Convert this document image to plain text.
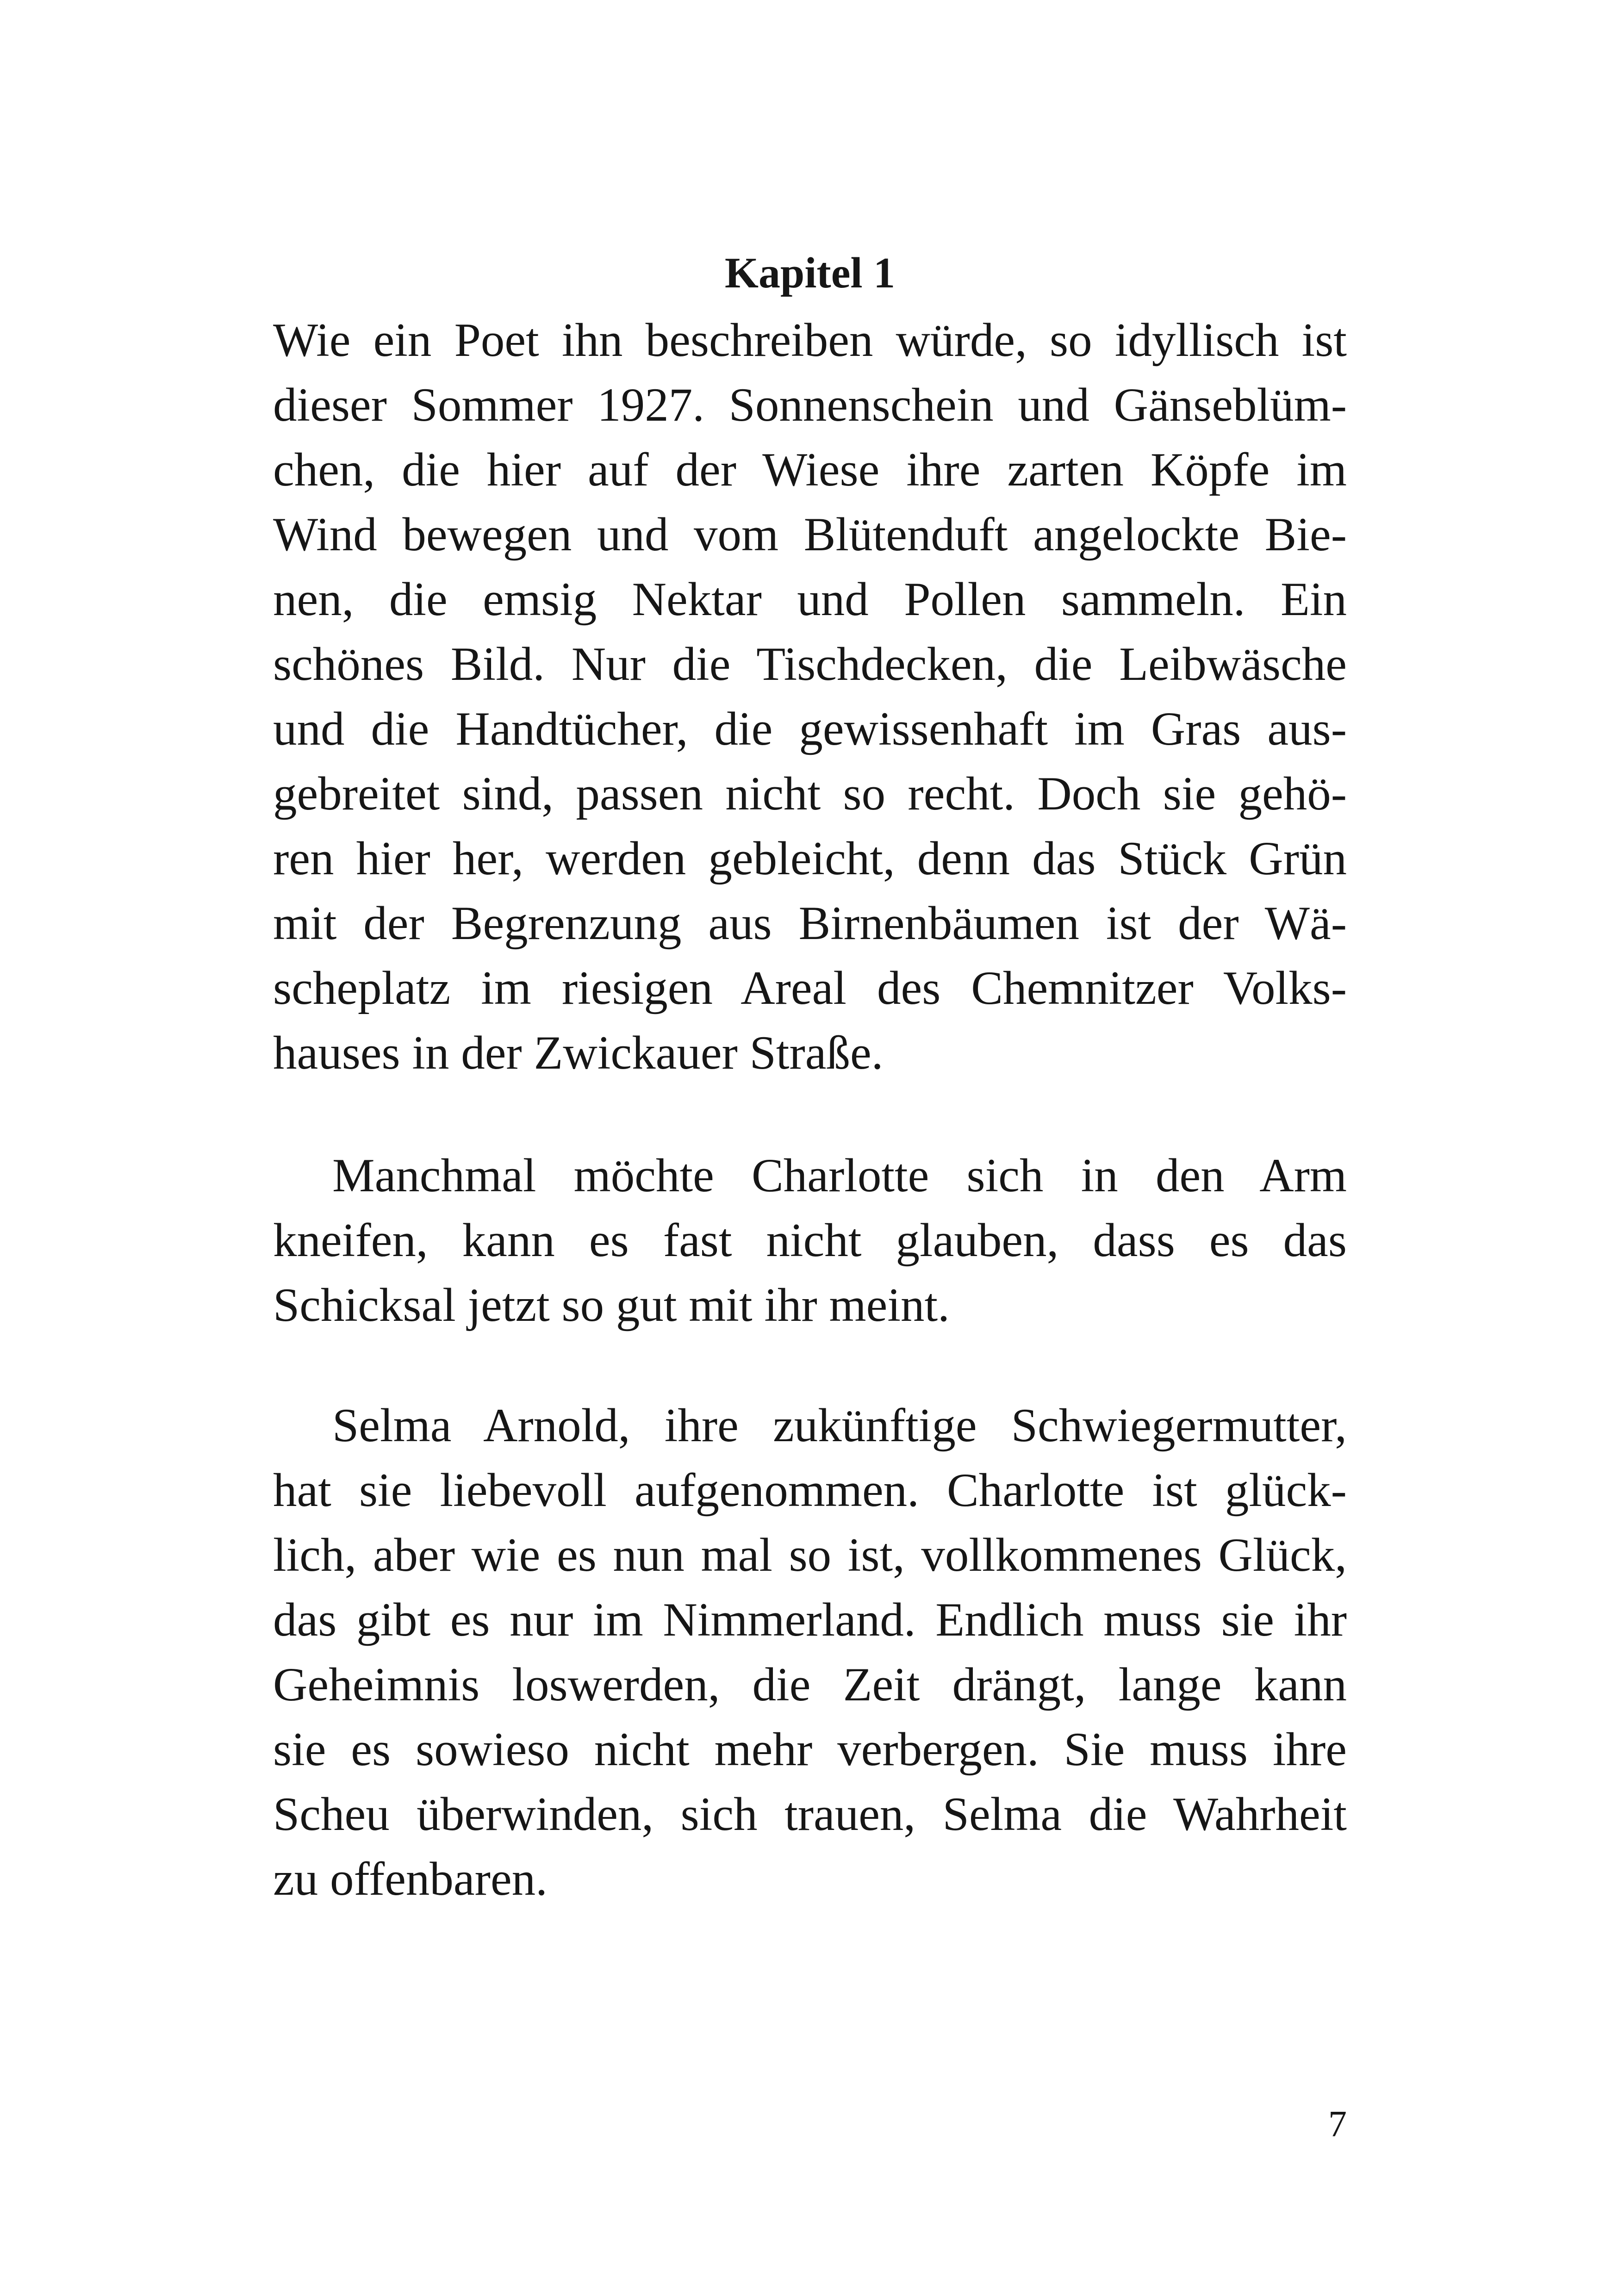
Kapitel 1
Wie ein Poet ihn beschreiben würde, so idyllisch ist
dieser Sommer 1927. Sonnenschein und Gänseblüm-
chen, die hier auf der Wiese ihre zarten Köpfe im
Wind bewegen und vom Blütenduft angelockte Bie-
nen, die emsig Nektar und Pollen sammeln. Ein
schönes Bild. Nur die Tischdecken, die Leibwäsche
und die Handtücher, die gewissenhaft im Gras aus-
gebreitet sind, passen nicht so recht. Doch sie gehö-
ren hier her, werden gebleicht, denn das Stück Grün
mit der Begrenzung aus Birnenbäumen ist der Wä-
scheplatz im riesigen Areal des Chemnitzer Volks-
hauses in der Zwickauer Straße.
Manchmal möchte Charlotte sich in den Arm
kneifen, kann es fast nicht glauben, dass es das
Schicksal jetzt so gut mit ihr meint.
Selma Arnold, ihre zukünftige Schwiegermutter,
hat sie liebevoll aufgenommen. Charlotte ist glück-
lich, aber wie es nun mal so ist, vollkommenes Glück,
das gibt es nur im Nimmerland. Endlich muss sie ihr
Geheimnis loswerden, die Zeit drängt, lange kann
sie es sowieso nicht mehr verbergen. Sie muss ihre
Scheu überwinden, sich trauen, Selma die Wahrheit
zu offenbaren.
7
